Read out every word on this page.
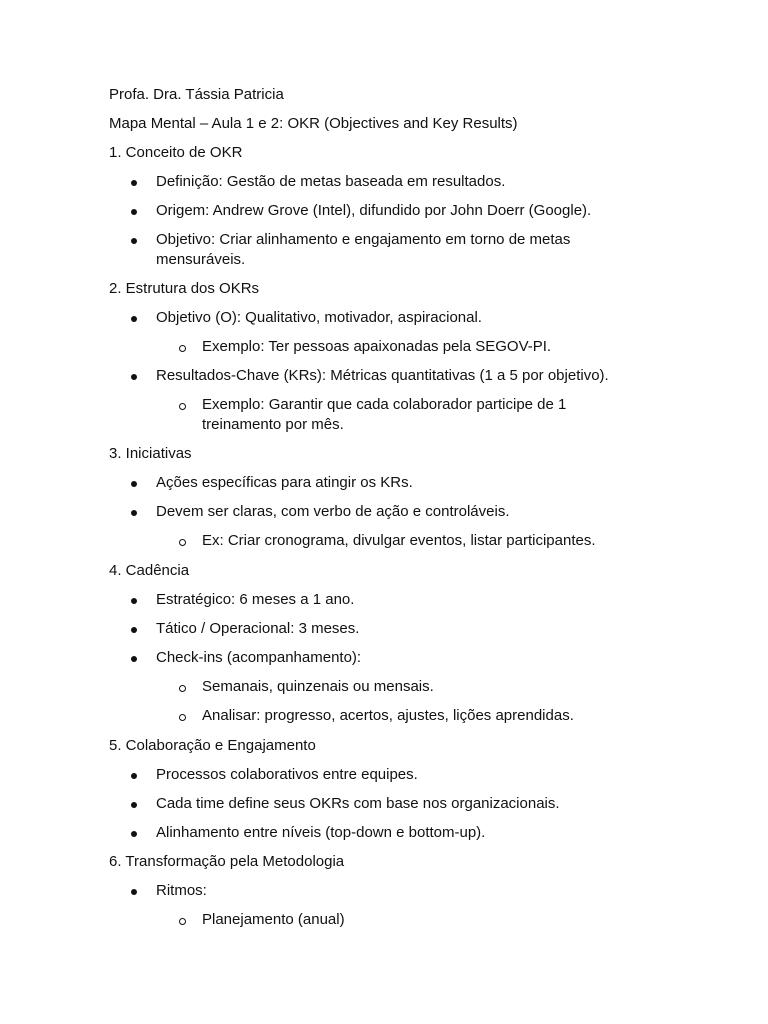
Profa. Dra. Tássia Patricia
Mapa Mental – Aula 1 e 2: OKR (Objectives and Key Results)
1. Conceito de OKR
Definição: Gestão de metas baseada em resultados.
Origem: Andrew Grove (Intel), difundido por John Doerr (Google).
Objetivo: Criar alinhamento e engajamento em torno de metas mensuráveis.
2. Estrutura dos OKRs
Objetivo (O): Qualitativo, motivador, aspiracional.
Exemplo: Ter pessoas apaixonadas pela SEGOV-PI.
Resultados-Chave (KRs): Métricas quantitativas (1 a 5 por objetivo).
Exemplo: Garantir que cada colaborador participe de 1 treinamento por mês.
3. Iniciativas
Ações específicas para atingir os KRs.
Devem ser claras, com verbo de ação e controláveis.
Ex: Criar cronograma, divulgar eventos, listar participantes.
4. Cadência
Estratégico: 6 meses a 1 ano.
Tático / Operacional: 3 meses.
Check-ins (acompanhamento):
Semanais, quinzenais ou mensais.
Analisar: progresso, acertos, ajustes, lições aprendidas.
5. Colaboração e Engajamento
Processos colaborativos entre equipes.
Cada time define seus OKRs com base nos organizacionais.
Alinhamento entre níveis (top-down e bottom-up).
6. Transformação pela Metodologia
Ritmos:
Planejamento (anual)
